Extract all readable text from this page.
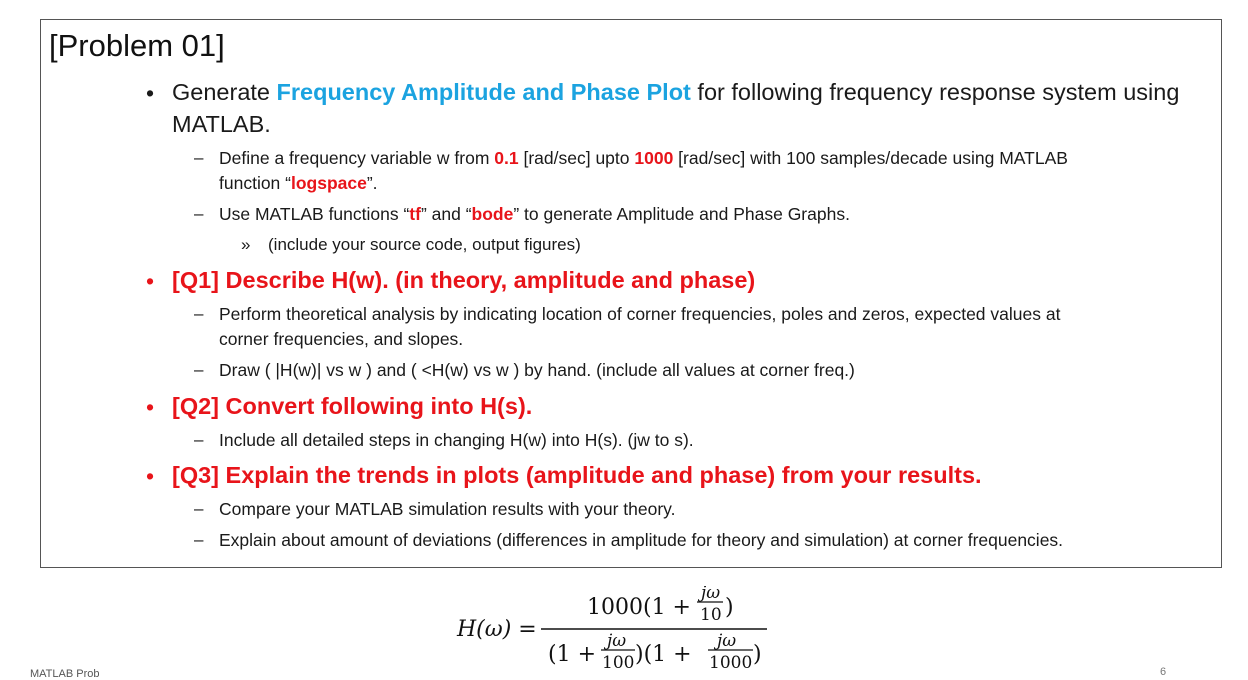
[Problem 01]
• Generate Frequency Amplitude and Phase Plot for following frequency response system using
MATLAB.
– Define a frequency variable w from 0.1 [rad/sec] upto 1000 [rad/sec] with 100 samples/decade using MATLAB
function “logspace”.
– Use MATLAB functions “tf” and “bode” to generate Amplitude and Phase Graphs.
» (include your source code, output figures)
• [Q1] Describe H(w). (in theory, amplitude and phase)
– Perform theoretical analysis by indicating location of corner frequencies, poles and zeros, expected values at
corner frequencies, and slopes.
– Draw ( |H(w)| vs w ) and ( <H(w) vs w ) by hand. (include all values at corner freq.)
• [Q2] Convert following into H(s).
– Include all detailed steps in changing H(w) into H(s). (jw to s).
• [Q3] Explain the trends in plots (amplitude and phase) from your results.
– Compare your MATLAB simulation results with your theory.
– Explain about amount of deviations (differences in amplitude for theory and simulation) at corner frequencies.
H(ω) =
1000(1 +
jω
10 )
(1 +
jω
100 )(1 +
jω
1000 )
MATLAB Prob	6
